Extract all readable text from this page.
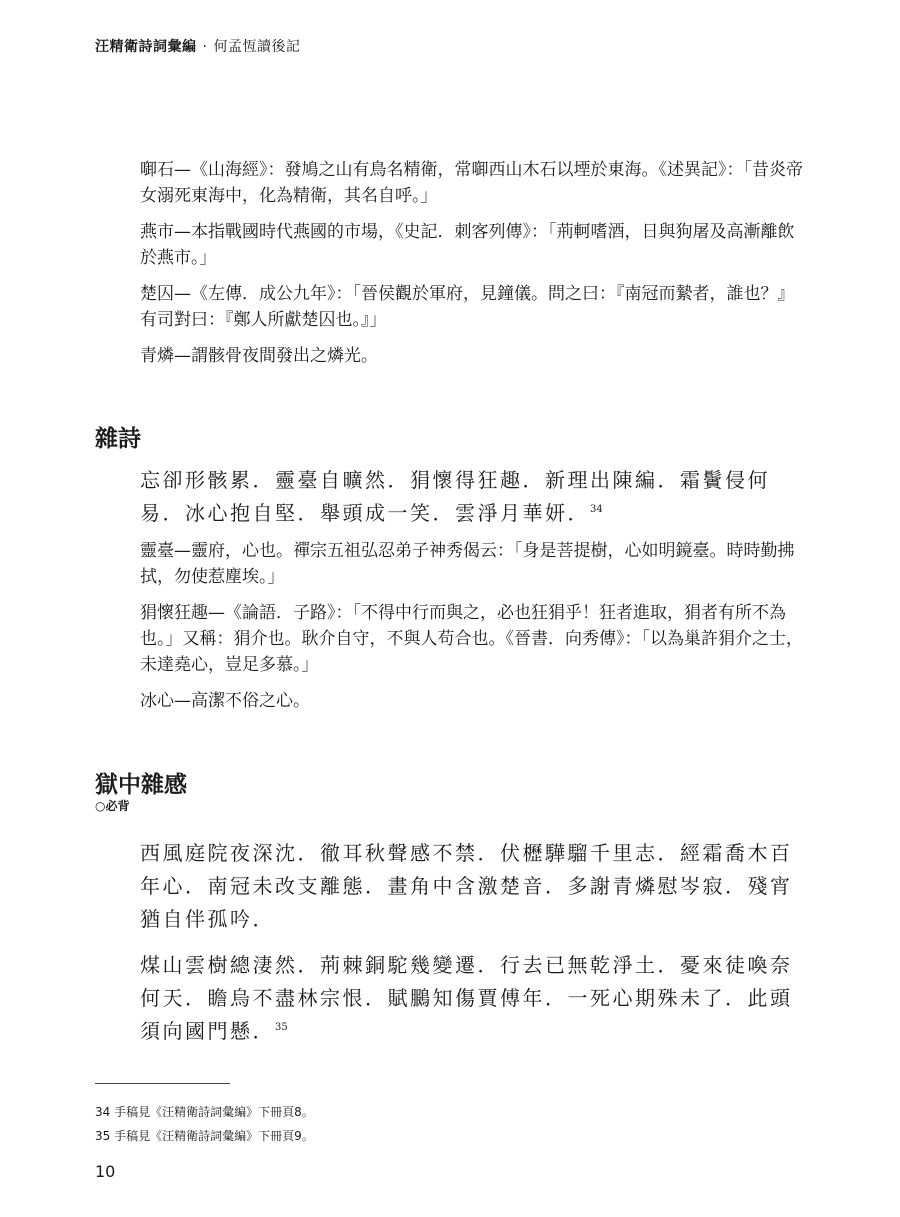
汪精衛詩詞彙編 · 何孟恆讀後記

啣石—《山海經》：發鳩之山有鳥名精衛，常啣西山木石以堙於東海。《述異記》：「昔炎帝女溺死東海中，化為精衛，其名自呼。」

燕市—本指戰國時代燕國的市場，《史記．刺客列傳》：「荊軻嗜酒，日與狗屠及高漸離飲於燕市。」

楚囚—《左傳．成公九年》：「晉侯觀於軍府，見鐘儀。問之曰：『南冠而縶者，誰也？』有司對曰：『鄭人所獻楚囚也。』」

青燐—謂骸骨夜間發出之燐光。

雜詩

忘卻形骸累．靈臺自曠然．狷懷得狂趣．新理出陳編．霜鬢侵何易．冰心抱自堅．舉頭成一笑．雲淨月華妍．$^{34}$

靈臺—靈府，心也。禪宗五祖弘忍弟子神秀偈云：「身是菩提樹，心如明鏡臺。時時勤拂拭，勿使惹塵埃。」

狷懷狂趣—《論語．子路》：「不得中行而與之，必也狂狷乎！狂者進取，狷者有所不為也。」又稱：狷介也。耿介自守，不與人苟合也。《晉書．向秀傳》：「以為巢許狷介之士，未達堯心，豈足多慕。」

冰心—高潔不俗之心。

獄中雜感
○必背

西風庭院夜深沈．徹耳秋聲感不禁．伏櫪驊騮千里志．經霜喬木百年心．南冠未改支離態．畫角中含激楚音．多謝青燐慰岑寂．殘宵猶自伴孤吟．

煤山雲樹總淒然．荊棘銅駝幾變遷．行去已無乾淨土．憂來徒喚奈何天．瞻烏不盡林宗恨．賦鵩知傷賈傅年．一死心期殊未了．此頭須向國門懸．$^{35}$

34 手稿見《汪精衛詩詞彙編》下冊頁8。
35 手稿見《汪精衛詩詞彙編》下冊頁9。
10
